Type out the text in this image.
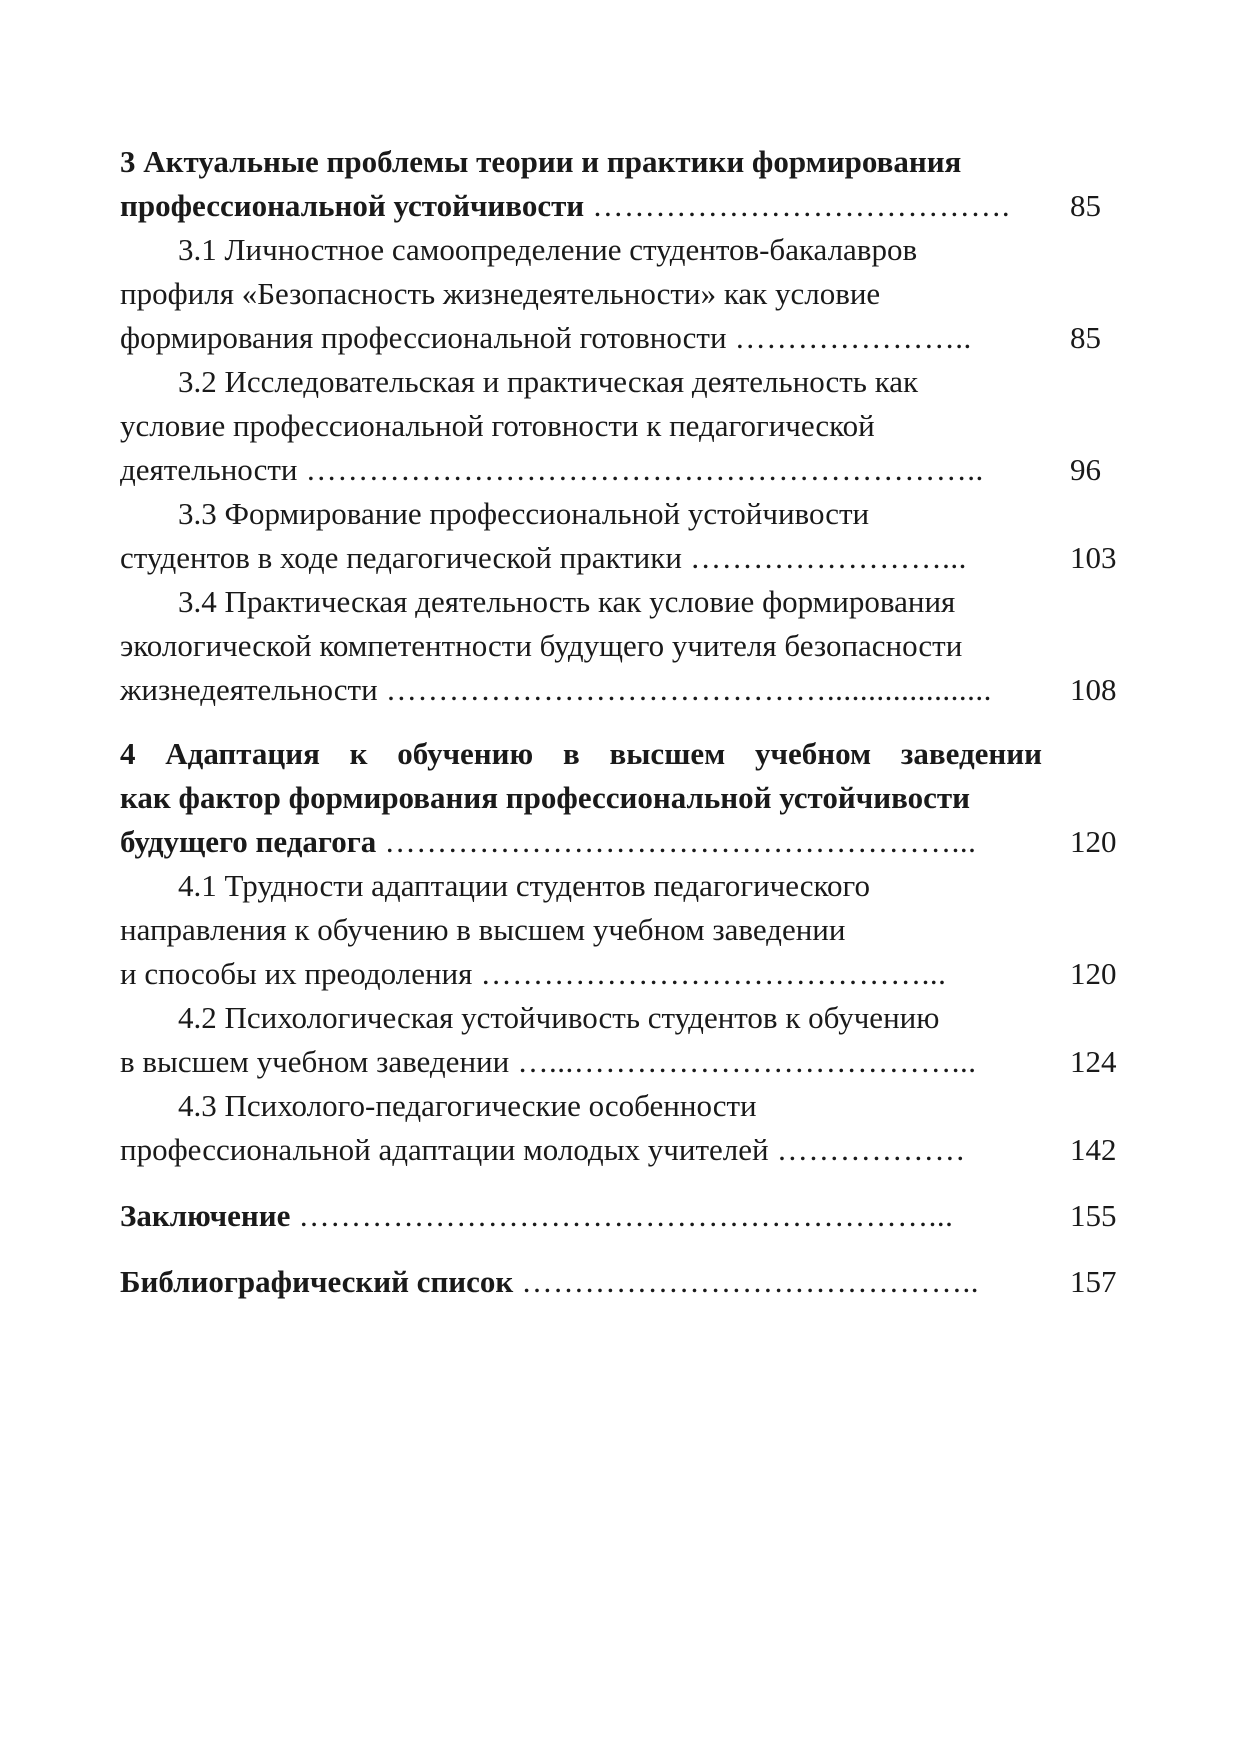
3 Актуальные проблемы теории и практики формирования
профессиональной устойчивости …………………………………. 85
3.1 Личностное самоопределение студентов-бакалавров
профиля «Безопасность жизнедеятельности» как условие
формирования профессиональной готовности …………………..	85
3.2 Исследовательская и практическая деятельность как
условие профессиональной готовности к педагогической
деятельности ………………………………………………………..	96
3.3 Формирование профессиональной устойчивости
студентов в ходе педагогической практики ……………………...	103
3.4 Практическая деятельность как условие формирования
экологической компетентности будущего учителя безопасности
жизнедеятельности ……………………………………....................	108
4 Адаптация к обучению в высшем учебном заведении
как фактор формирования профессиональной устойчивости
будущего педагога ………………………………………………...	120
4.1 Трудности адаптации студентов педагогического
направления к обучению в высшем учебном заведении
и способы их преодоления ……………………………………...	120
4.2 Психологическая устойчивость студентов к обучению
в высшем учебном заведении …...………………………………...	124
4.3 Психолого-педагогические особенности
профессиональной адаптации молодых учителей ………………	142
Заключение ……………………………………………………...	155
Библиографический список ……………………………………..	157
